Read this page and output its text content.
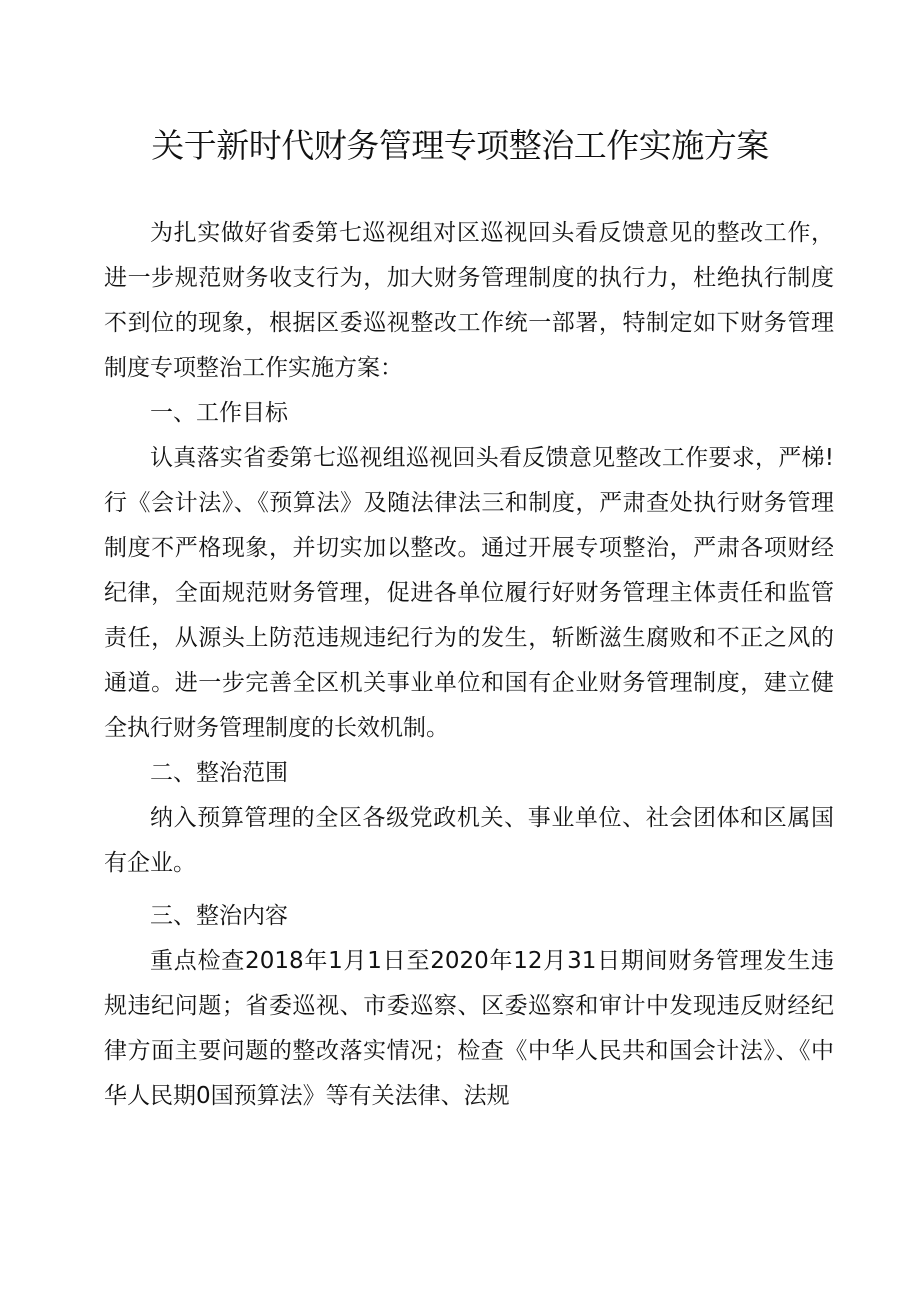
关于新时代财务管理专项整治工作实施方案

为扎实做好省委第七巡视组对区巡视回头看反馈意见的整改工作，进一步规范财务收支行为，加大财务管理制度的执行力，杜绝执行制度不到位的现象，根据区委巡视整改工作统一部署，特制定如下财务管理制度专项整治工作实施方案：

一、工作目标

认真落实省委第七巡视组巡视回头看反馈意见整改工作要求，严梯!行《会计法》、《预算法》及随法律法三和制度，严肃查处执行财务管理制度不严格现象，并切实加以整改。通过开展专项整治，严肃各项财经纪律，全面规范财务管理，促进各单位履行好财务管理主体责任和监管责任，从源头上防范违规违纪行为的发生，斩断滋生腐败和不正之风的通道。进一步完善全区机关事业单位和国有企业财务管理制度，建立健全执行财务管理制度的长效机制。

二、整治范围

纳入预算管理的全区各级党政机关、事业单位、社会团体和区属国有企业。

三、整治内容

重点检查2018年1月1日至2020年12月31日期间财务管理发生违规违纪问题；省委巡视、市委巡察、区委巡察和审计中发现违反财经纪律方面主要问题的整改落实情况；检查《中华人民共和国会计法》、《中华人民期0国预算法》等有关法律、法规
